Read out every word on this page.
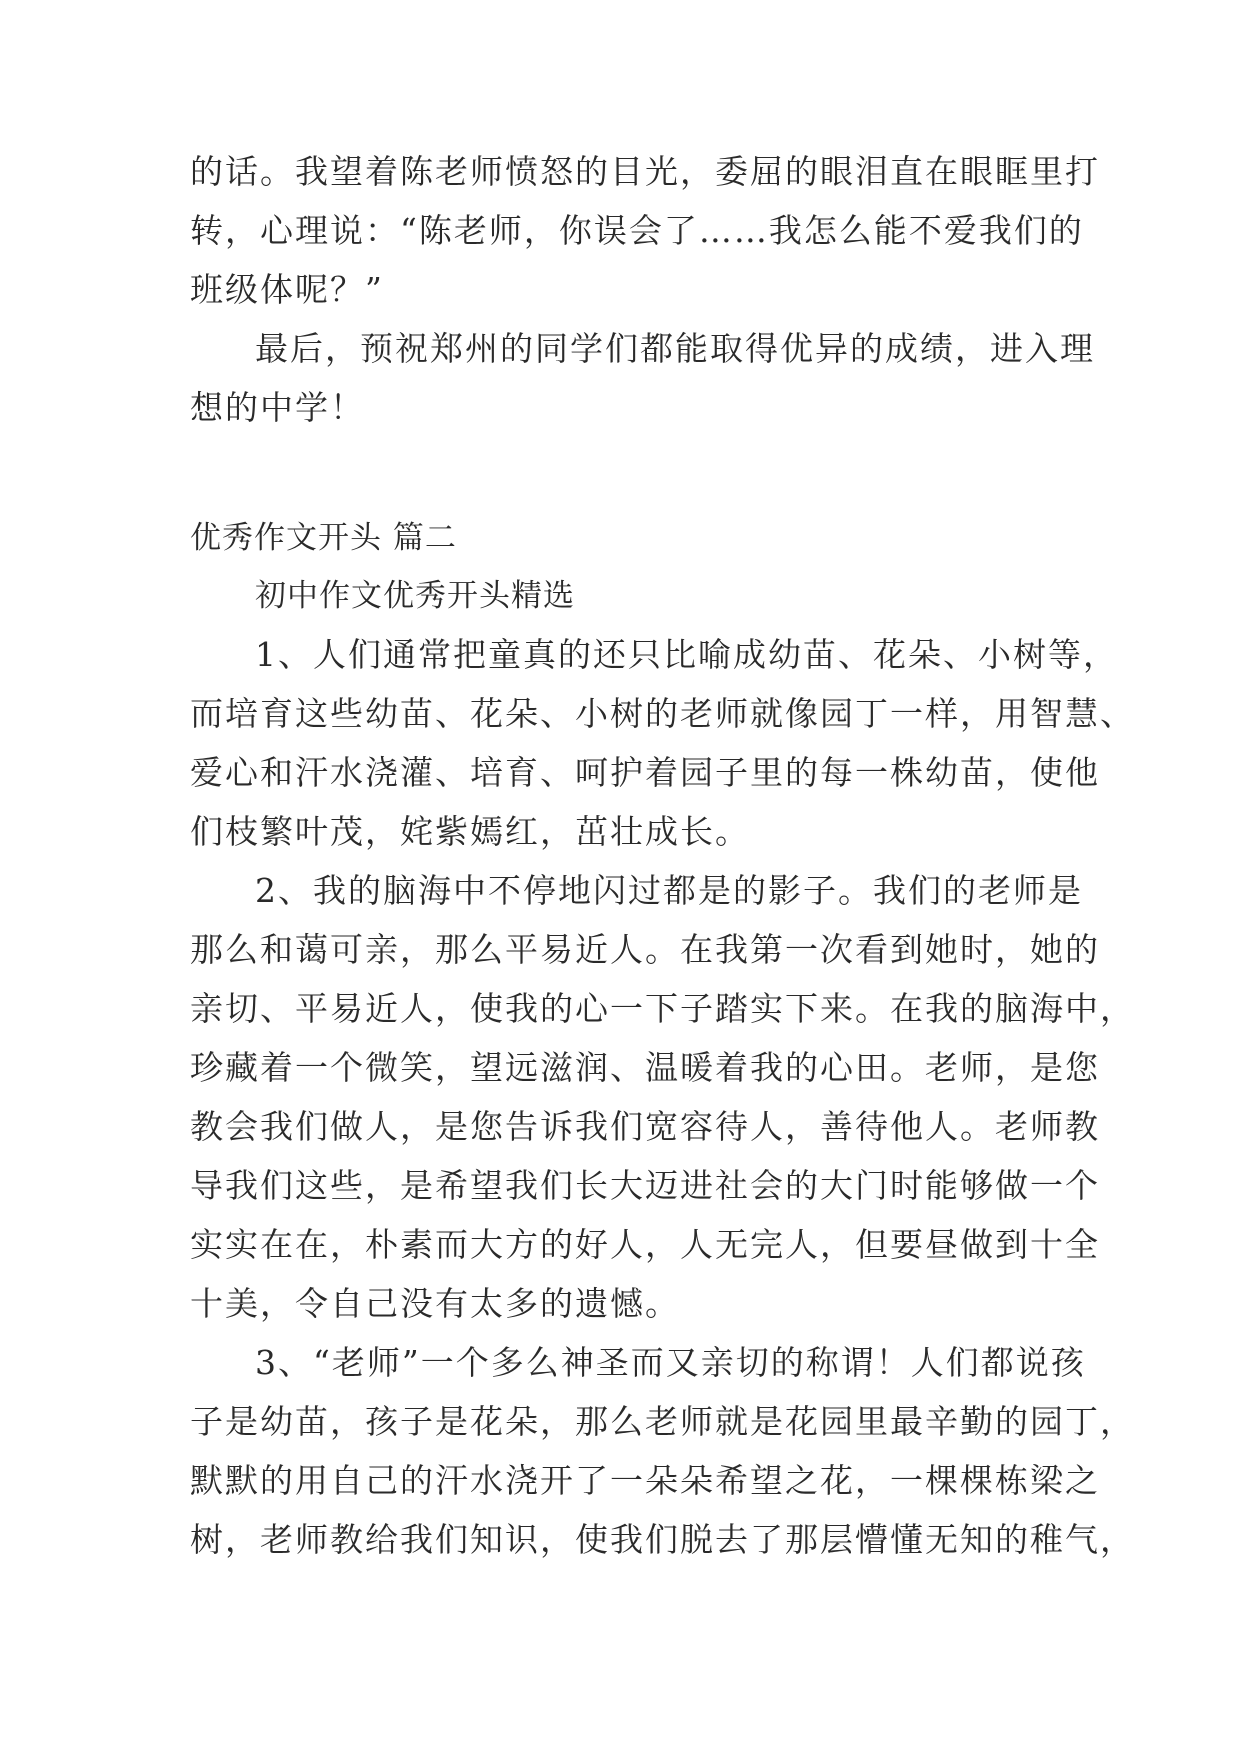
的话。我望着陈老师愤怒的目光，委屈的眼泪直在眼眶里打
转，心理说：“陈老师，你误会了……我怎么能不爱我们的
班级体呢？”
最后，预祝郑州的同学们都能取得优异的成绩，进入理
想的中学！
优秀作文开头 篇二
初中作文优秀开头精选
1、人们通常把童真的还只比喻成幼苗、花朵、小树等，
而培育这些幼苗、花朵、小树的老师就像园丁一样，用智慧、
爱心和汗水浇灌、培育、呵护着园子里的每一株幼苗，使他
们枝繁叶茂，姹紫嫣红，茁壮成长。
2、我的脑海中不停地闪过都是的影子。我们的老师是
那么和蔼可亲，那么平易近人。在我第一次看到她时，她的
亲切、平易近人，使我的心一下子踏实下来。在我的脑海中，
珍藏着一个微笑，望远滋润、温暖着我的心田。老师，是您
教会我们做人，是您告诉我们宽容待人，善待他人。老师教
导我们这些，是希望我们长大迈进社会的大门时能够做一个
实实在在，朴素而大方的好人，人无完人，但要昼做到十全
十美，令自己没有太多的遗憾。
3、“老师”一个多么神圣而又亲切的称谓！人们都说孩
子是幼苗，孩子是花朵，那么老师就是花园里最辛勤的园丁，
默默的用自己的汗水浇开了一朵朵希望之花，一棵棵栋梁之
树，老师教给我们知识，使我们脱去了那层懵懂无知的稚气，
